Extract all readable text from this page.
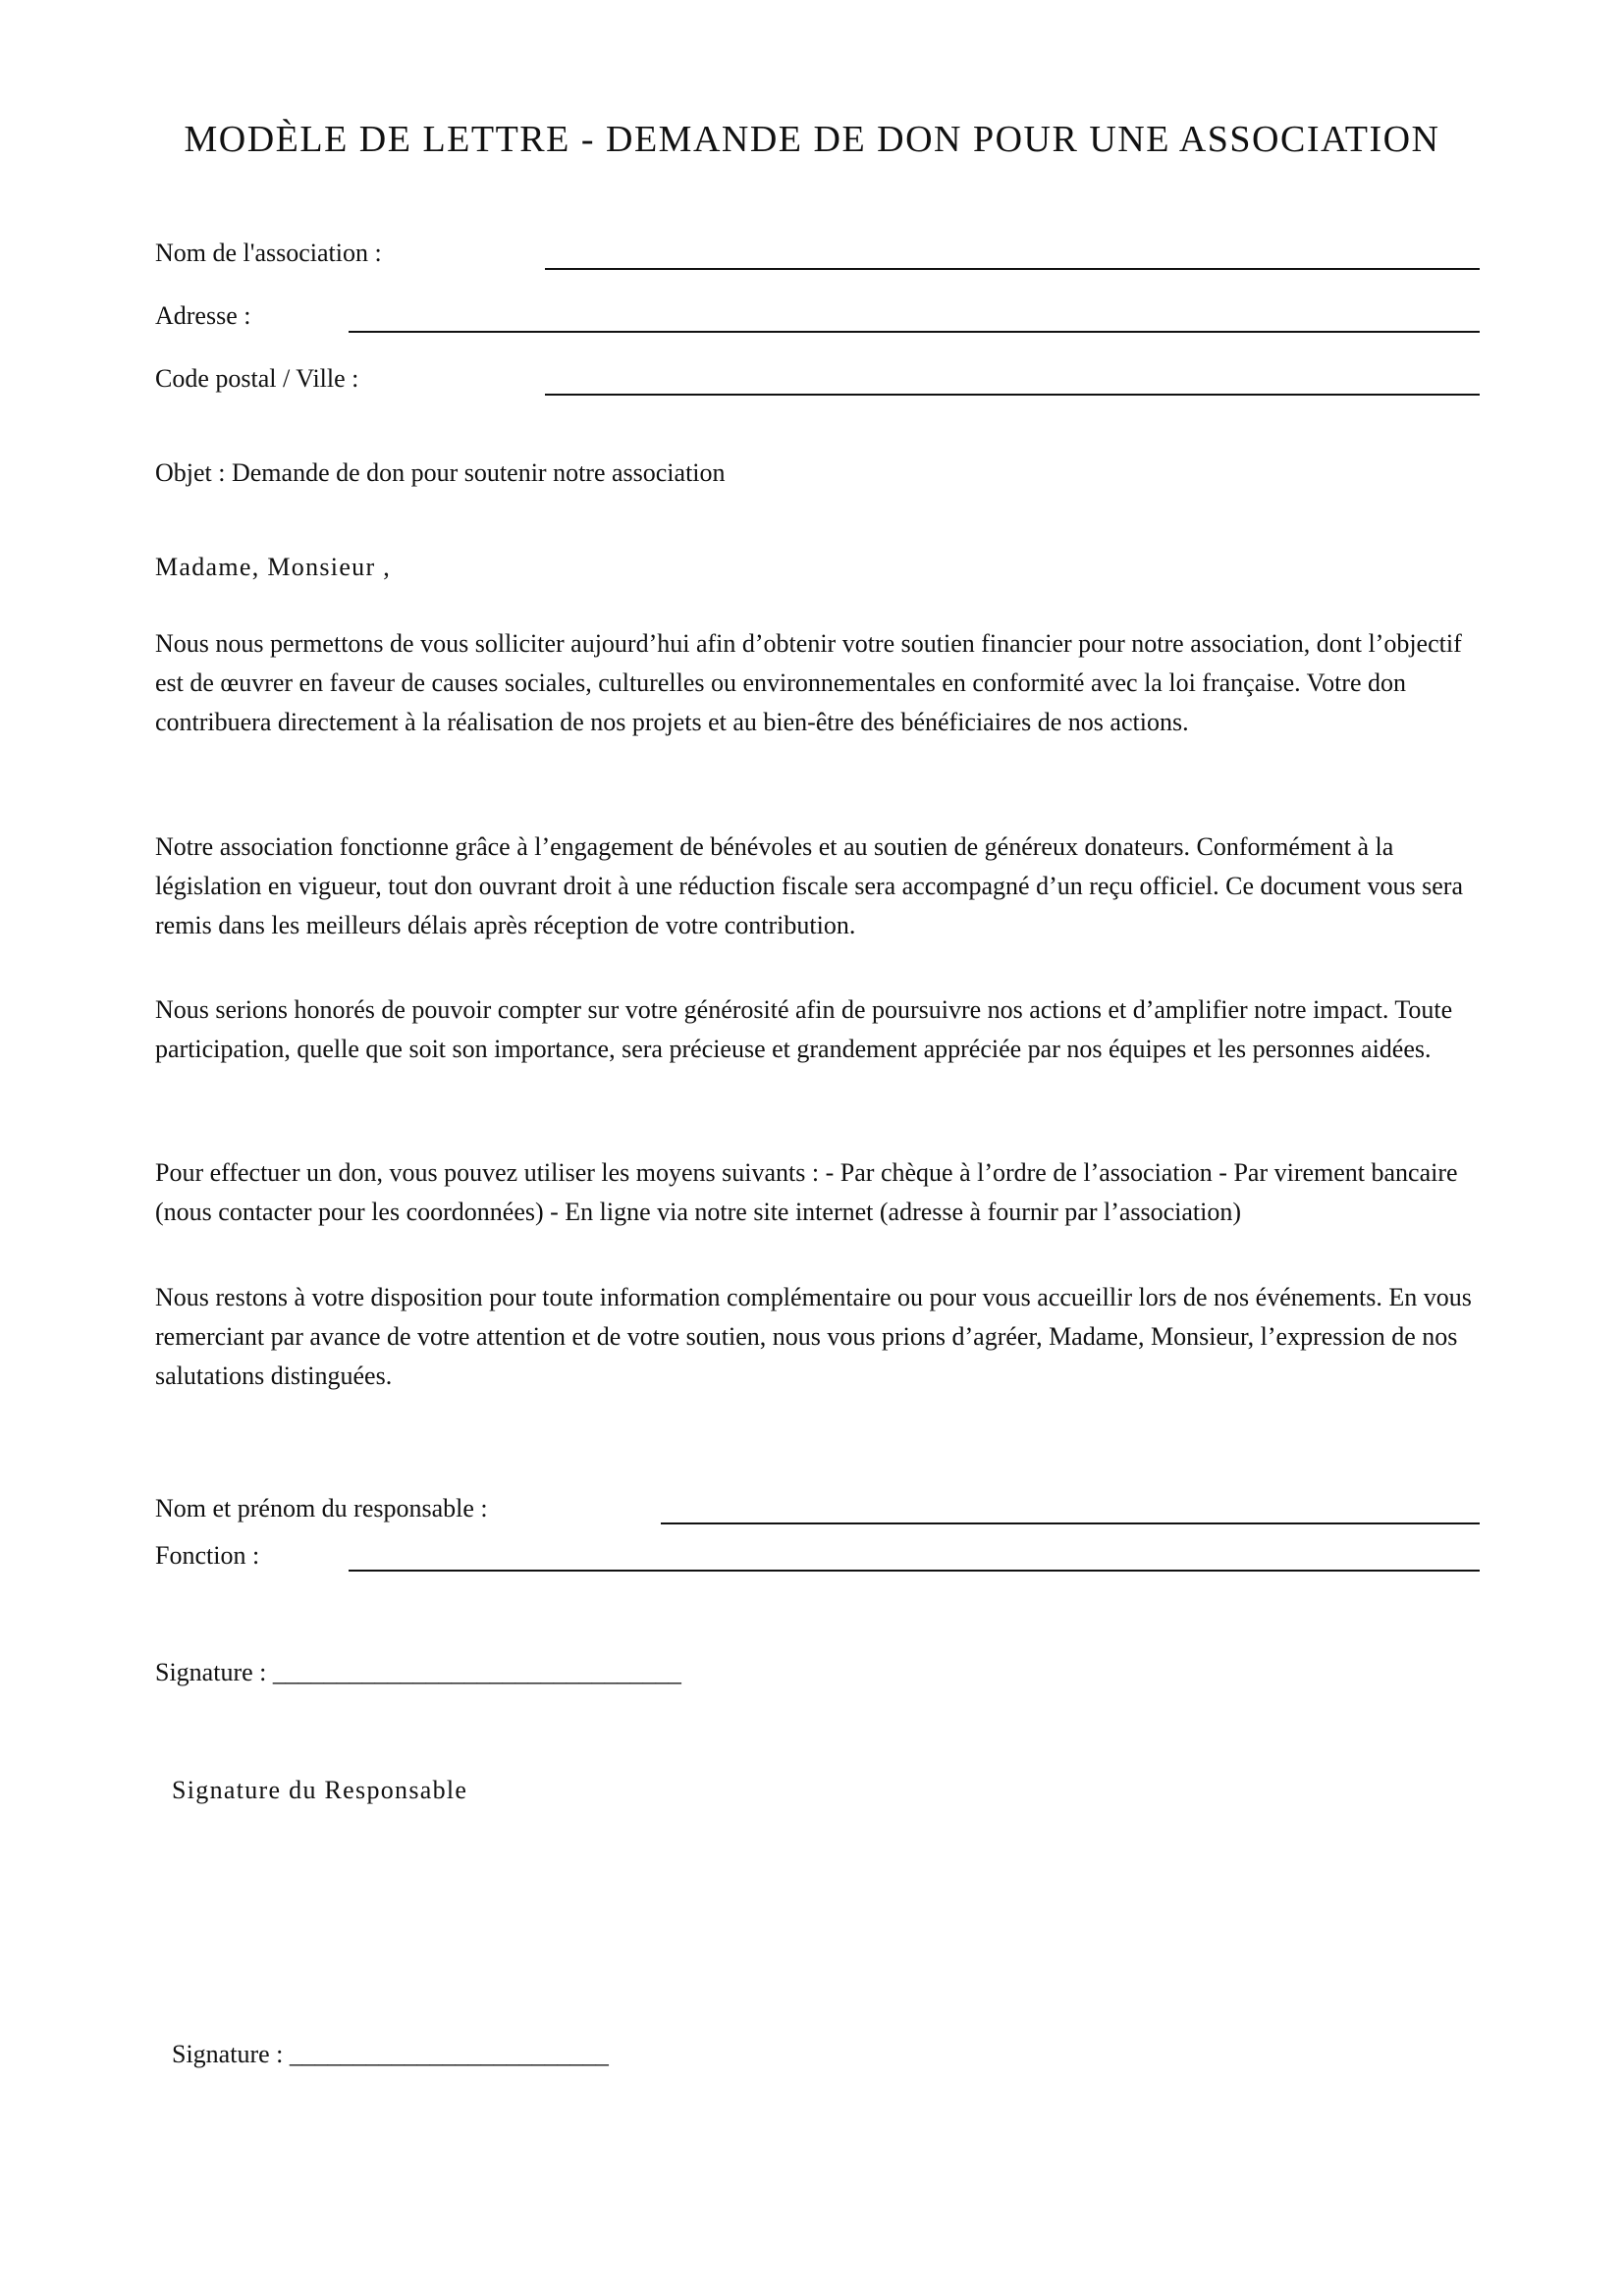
MODÈLE DE LETTRE - DEMANDE DE DON POUR UNE ASSOCIATION
Nom de l'association :
Adresse :
Code postal / Ville :

Objet : Demande de don pour soutenir notre association

Madame, Monsieur ,

Nous nous permettons de vous solliciter aujourd’hui afin d’obtenir votre soutien financier pour notre association, dont l’objectif est de œuvrer en faveur de causes sociales, culturelles ou environnementales en conformité avec la loi française. Votre don contribuera directement à la réalisation de nos projets et au bien-être des bénéficiaires de nos actions.

Notre association fonctionne grâce à l’engagement de bénévoles et au soutien de généreux donateurs. Conformément à la législation en vigueur, tout don ouvrant droit à une réduction fiscale sera accompagné d’un reçu officiel. Ce document vous sera remis dans les meilleurs délais après réception de votre contribution.

Nous serions honorés de pouvoir compter sur votre générosité afin de poursuivre nos actions et d’amplifier notre impact. Toute participation, quelle que soit son importance, sera précieuse et grandement appréciée par nos équipes et les personnes aidées.

Pour effectuer un don, vous pouvez utiliser les moyens suivants : - Par chèque à l’ordre de l’association - Par virement bancaire (nous contacter pour les coordonnées) - En ligne via notre site internet (adresse à fournir par l’association)

Nous restons à votre disposition pour toute information complémentaire ou pour vous accueillir lors de nos événements. En vous remerciant par avance de votre attention et de votre soutien, nous vous prions d’agréer, Madame, Monsieur, l’expression de nos salutations distinguées.

Nom et prénom du responsable :
Fonction :
Signature : ________________________________
Signature du Responsable
Signature : _________________________
